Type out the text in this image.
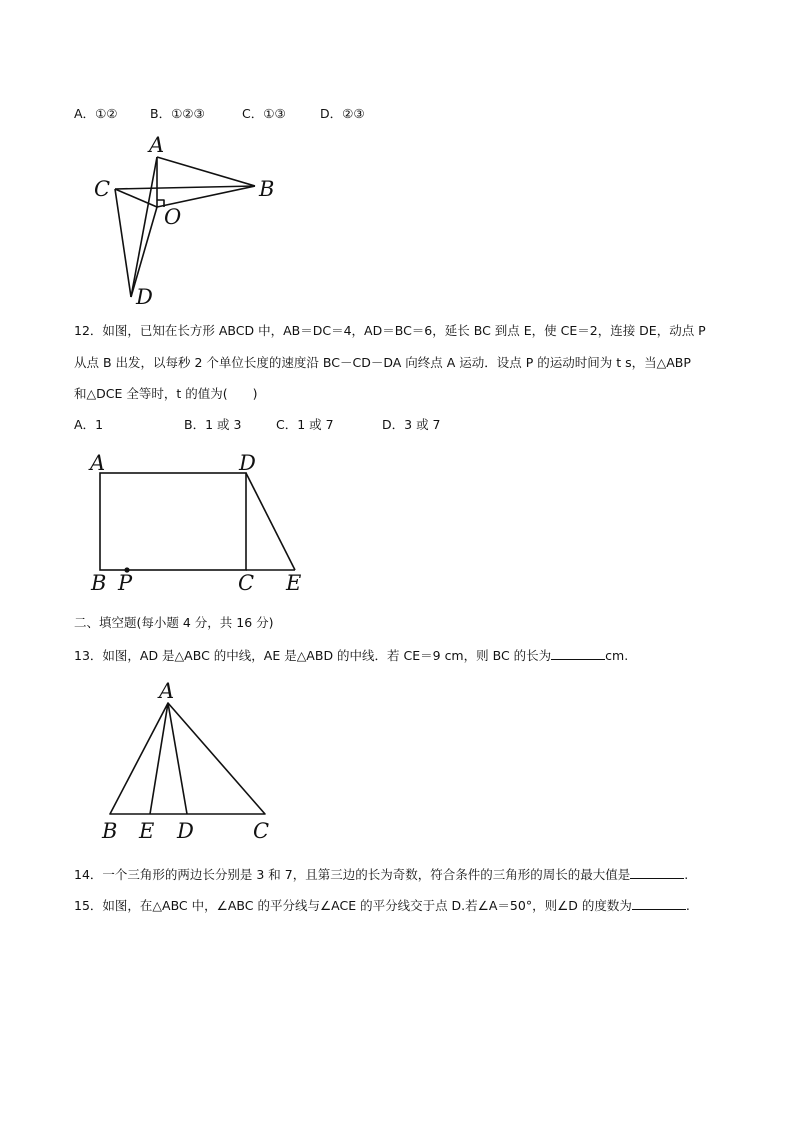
A．①②	B．①②③	C．①③	D．②③
A
B
C
O
D
12．如图，已知在长方形 ABCD 中，AB＝DC＝4，AD＝BC＝6，延长 BC 到点 E，使 CE＝2，连接 DE，动点 P
从点 B 出发，以每秒 2 个单位长度的速度沿 BC－CD－DA 向终点 A 运动．设点 P 的运动时间为 t s，当△ABP
和△DCE 全等时，t 的值为(　　)
A．1	B．1 或 3	C．1 或 7	D．3 或 7
A	D
B P	C E
二、填空题(每小题 4 分，共 16 分)
13．如图，AD 是△ABC 的中线，AE 是△ABD 的中线．若 CE＝9 cm，则 BC 的长为	cm.
A
B E D	C
14．一个三角形的两边长分别是 3 和 7，且第三边的长为奇数，符合条件的三角形的周长的最大值是	.
15．如图，在△ABC 中，∠ABC 的平分线与∠ACE 的平分线交于点 D.若∠A＝50°，则∠D 的度数为	.
